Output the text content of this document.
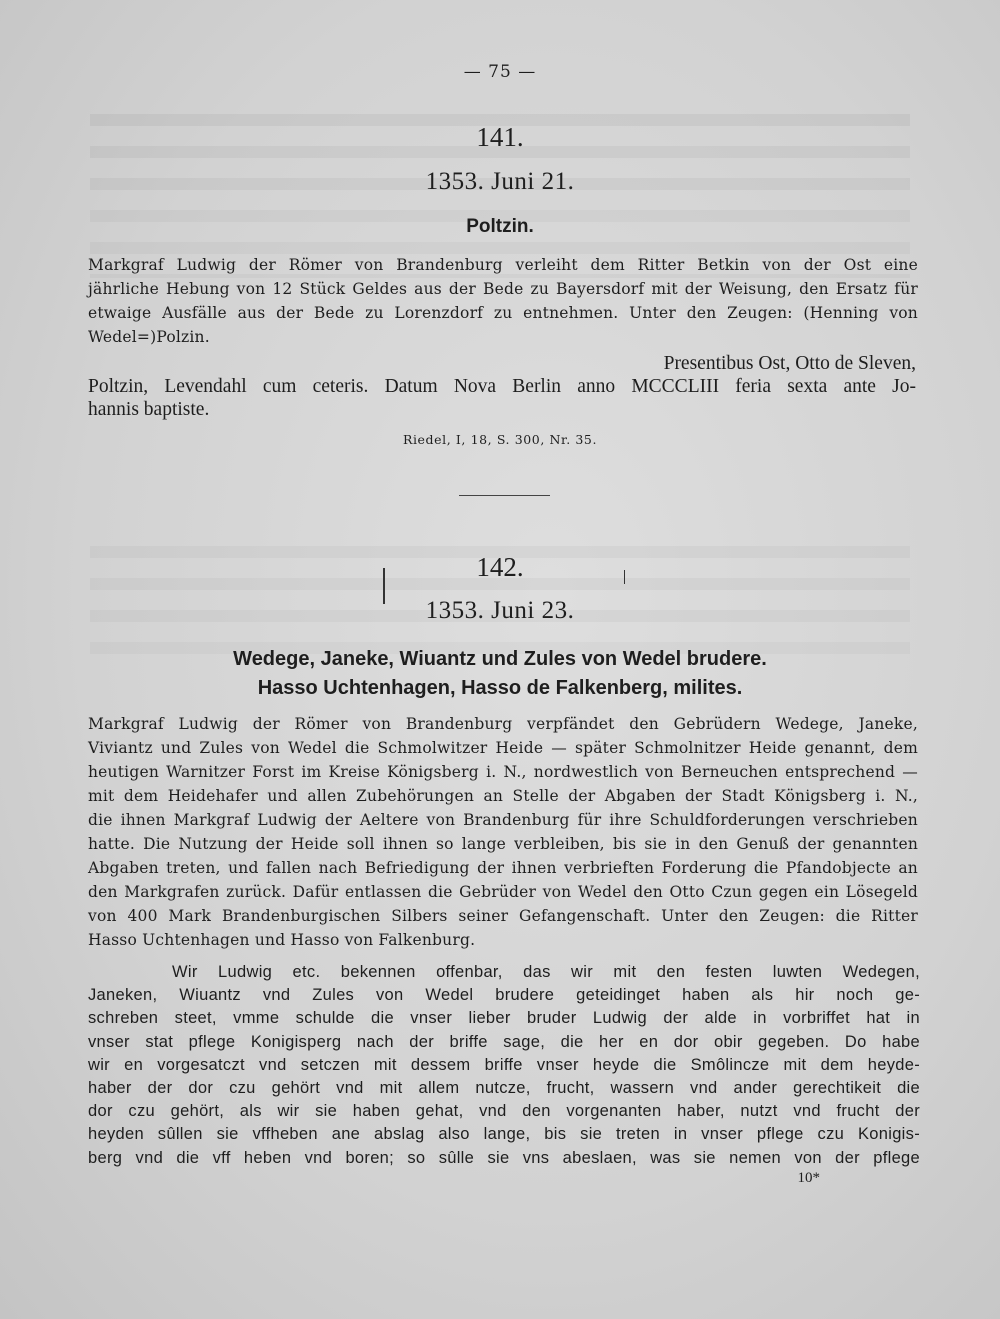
— 75 —
141.
1353. Juni 21.
Poltzin.
Markgraf Ludwig der Römer von Brandenburg verleiht dem Ritter Betkin von der Ost eine
jährliche Hebung von 12 Stück Geldes aus der Bede zu Bayersdorf mit der Weisung, den Ersatz für
etwaige Ausfälle aus der Bede zu Lorenzdorf zu entnehmen. Unter den Zeugen: (Henning von
Wedel=)Polzin.
Presentibus Ost, Otto de Sleven,
Poltzin, Levendahl cum ceteris. Datum Nova Berlin anno MCCCLIII feria sexta ante Jo-
hannis baptiste.
Riedel, I, 18, S. 300, Nr. 35.
142.
1353. Juni 23.
Wedege, Janeke, Wiuantz und Zules von Wedel brudere.
Hasso Uchtenhagen, Hasso de Falkenberg, milites.
Markgraf Ludwig der Römer von Brandenburg verpfändet den Gebrüdern Wedege, Janeke,
Viviantz und Zules von Wedel die Schmolwitzer Heide — später Schmolnitzer Heide genannt, dem
heutigen Warnitzer Forst im Kreise Königsberg i. N., nordwestlich von Berneuchen entsprechend —
mit dem Heidehafer und allen Zubehörungen an Stelle der Abgaben der Stadt Königsberg i. N.,
die ihnen Markgraf Ludwig der Aeltere von Brandenburg für ihre Schuldforderungen verschrieben
hatte. Die Nutzung der Heide soll ihnen so lange verbleiben, bis sie in den Genuß der genannten
Abgaben treten, und fallen nach Befriedigung der ihnen verbrieften Forderung die Pfandobjecte an
den Markgrafen zurück. Dafür entlassen die Gebrüder von Wedel den Otto Czun gegen ein Lösegeld
von 400 Mark Brandenburgischen Silbers seiner Gefangenschaft. Unter den Zeugen: die Ritter
Hasso Uchtenhagen und Hasso von Falkenburg.
Wir Ludwig etc. bekennen offenbar, das wir mit den festen luwten Wedegen,
Janeken, Wiuantz vnd Zules von Wedel brudere geteidinget haben als hir noch ge-
schreben steet, vmme schulde die vnser lieber bruder Ludwig der alde in vorbriffet hat in
vnser stat pflege Konigisperg nach der briffe sage, die her en dor obir gegeben. Do habe
wir en vorgesatczt vnd setczen mit dessem briffe vnser heyde die Smôlincze mit dem heyde-
haber der dor czu gehört vnd mit allem nutcze, frucht, wassern vnd ander gerechtikeit die
dor czu gehört, als wir sie haben gehat, vnd den vorgenanten haber, nutzt vnd frucht der
heyden sûllen sie vffheben ane abslag also lange, bis sie treten in vnser pflege czu Konigis-
berg vnd die vff heben vnd boren; so sûlle sie vns abeslaen, was sie nemen von der pflege
10*
